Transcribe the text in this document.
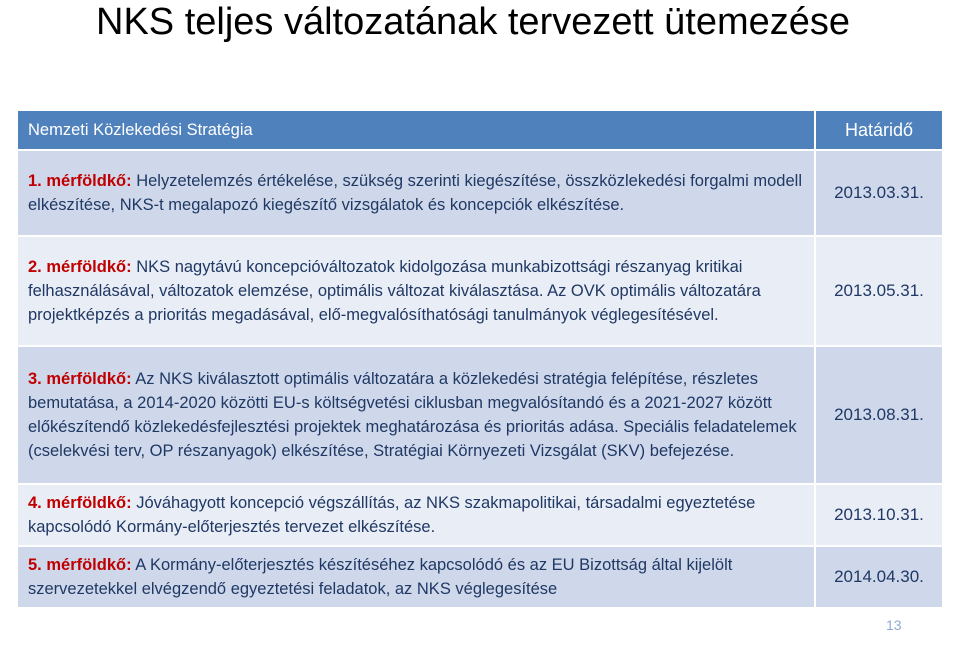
NKS teljes változatának tervezett ütemezése
Nemzeti Közlekedési Stratégia	Határidő
1. mérföldkő: Helyzetelemzés értékelése, szükség szerinti kiegészítése, összközlekedési forgalmi modell elkészítése, NKS-t megalapozó kiegészítő vizsgálatok és koncepciók elkészítése.	2013.03.31.
2. mérföldkő: NKS nagytávú koncepcióváltozatok kidolgozása munkabizottsági részanyag kritikai felhasználásával, változatok elemzése, optimális változat kiválasztása. Az OVK optimális változatára projektképzés a prioritás megadásával, elő-megvalósíthatósági tanulmányok véglegesítésével.	2013.05.31.
3. mérföldkő: Az NKS kiválasztott optimális változatára a közlekedési stratégia felépítése, részletes bemutatása, a 2014-2020 közötti EU-s költségvetési ciklusban megvalósítandó és a 2021-2027 között előkészítendő közlekedésfejlesztési projektek meghatározása és prioritás adása. Speciális feladatelemek (cselekvési terv, OP részanyagok) elkészítése, Stratégiai Környezeti Vizsgálat (SKV) befejezése.	2013.08.31.
4. mérföldkő: Jóváhagyott koncepció végszállítás, az NKS szakmapolitikai, társadalmi egyeztetése kapcsolódó Kormány-előterjesztés tervezet elkészítése.	2013.10.31.
5. mérföldkő: A Kormány-előterjesztés készítéséhez kapcsolódó és az EU Bizottság által kijelölt szervezetekkel elvégzendő egyeztetési feladatok, az NKS véglegesítése	2014.04.30.
13
